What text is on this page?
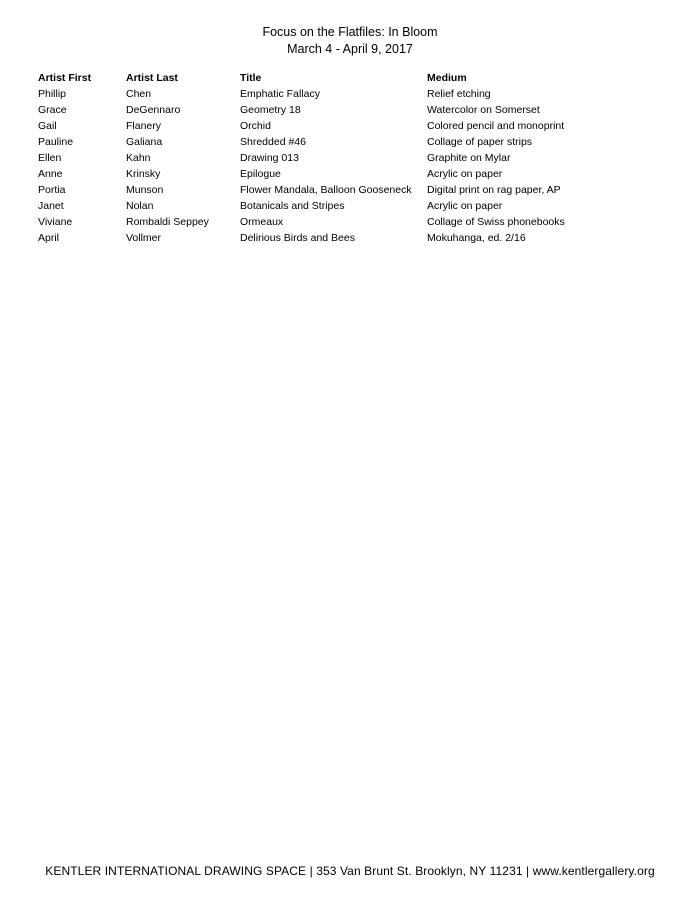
Focus on the Flatfiles: In Bloom
March 4 - April 9, 2017
Artist First	Artist Last	Title	Medium
Phillip	Chen	Emphatic Fallacy	Relief etching
Grace	DeGennaro	Geometry 18	Watercolor on Somerset
Gail	Flanery	Orchid	Colored pencil and monoprint
Pauline	Galiana	Shredded #46	Collage of paper strips
Ellen	Kahn	Drawing 013	Graphite on Mylar
Anne	Krinsky	Epilogue	Acrylic on paper
Portia	Munson	Flower Mandala, Balloon Gooseneck	Digital print on rag paper, AP
Janet	Nolan	Botanicals and Stripes	Acrylic on paper
Viviane	Rombaldi Seppey	Ormeaux	Collage of Swiss phonebooks
April	Vollmer	Delirious Birds and Bees	Mokuhanga, ed. 2/16
KENTLER INTERNATIONAL DRAWING SPACE | 353 Van Brunt St. Brooklyn, NY 11231 | www.kentlergallery.org
